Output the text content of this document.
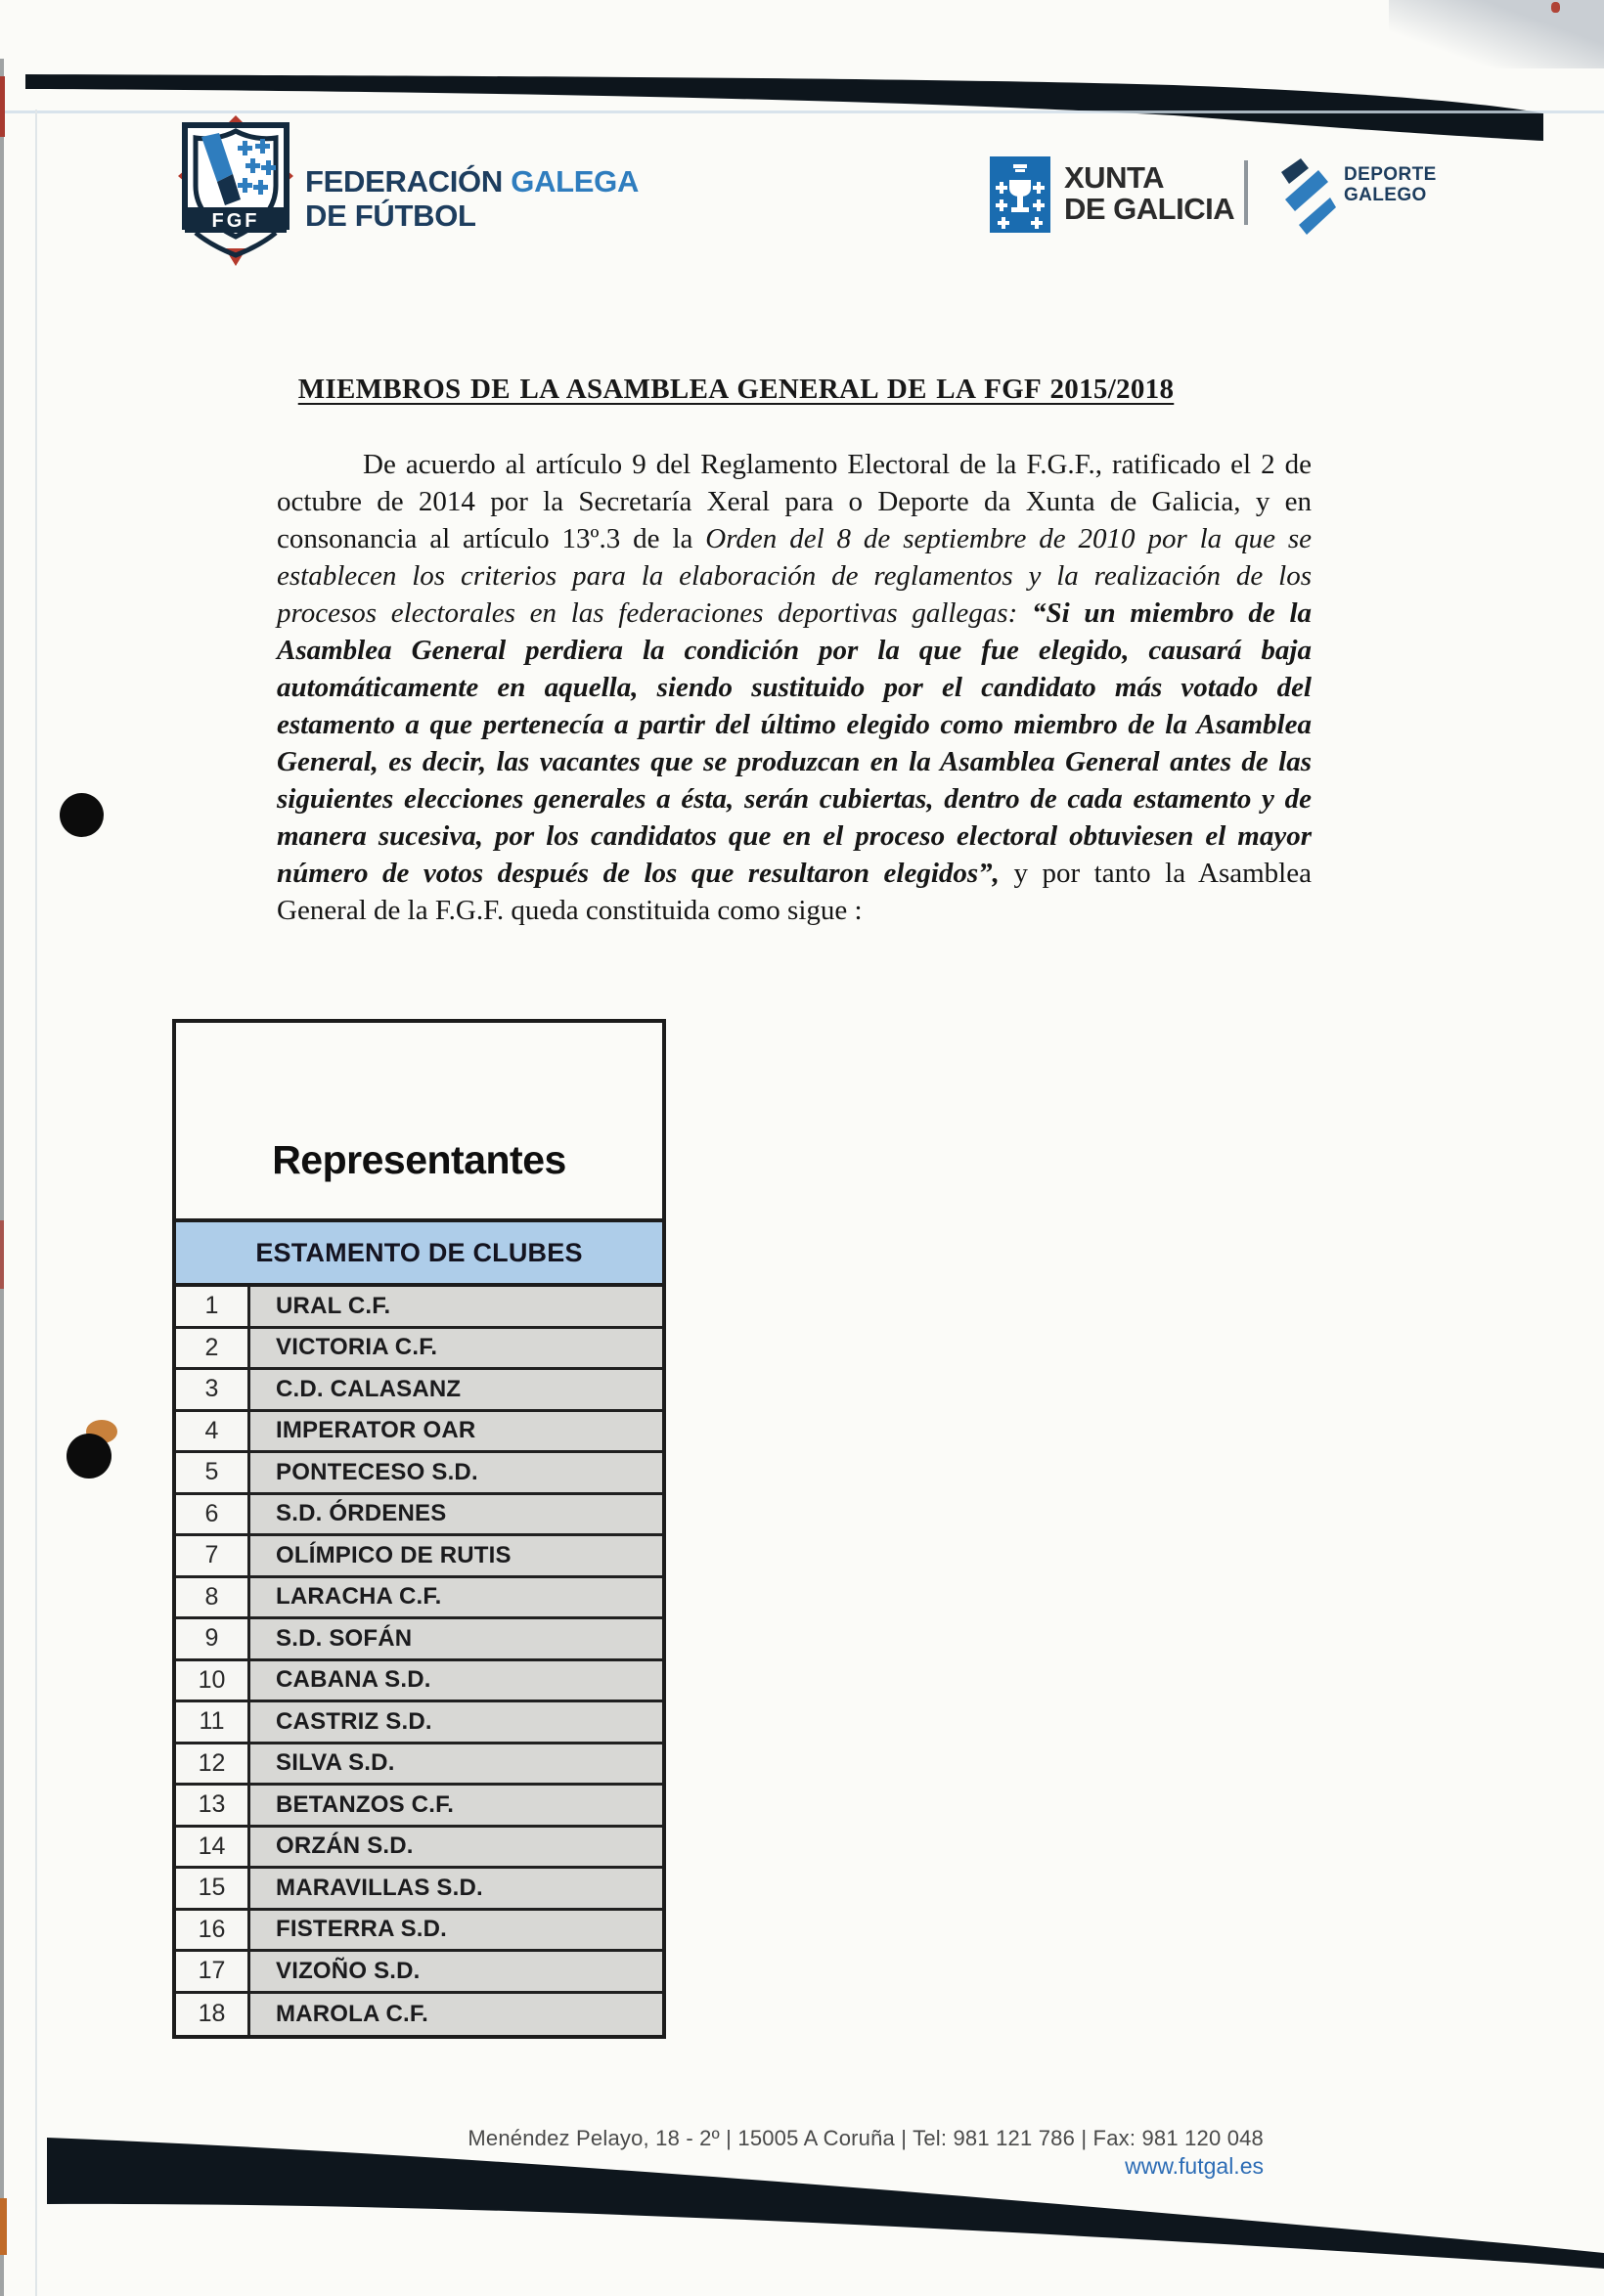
FGF
FEDERACIÓN GALEGA
DE FÚTBOL
XUNTA
DE GALICIA
DEPORTE
GALEGO
MIEMBROS DE LA ASAMBLEA GENERAL DE LA FGF 2015/2018

De acuerdo al artículo 9 del Reglamento Electoral de la F.G.F., ratificado el 2 de octubre de 2014 por la Secretaría Xeral para o Deporte da Xunta de Galicia, y en consonancia al artículo 13º.3 de la Orden del 8 de septiembre de 2010 por la que se establecen los criterios para la elaboración de reglamentos y la realización de los procesos electorales en las federaciones deportivas gallegas: “Si un miembro de la Asamblea General perdiera la condición por la que fue elegido, causará baja automáticamente en aquella, siendo sustituido por el candidato más votado del estamento a que pertenecía a partir del último elegido como miembro de la Asamblea General, es decir, las vacantes que se produzcan en la Asamblea General antes de las siguientes elecciones generales a ésta, serán cubiertas, dentro de cada estamento y de manera sucesiva, por los candidatos que en el proceso electoral obtuviesen el mayor número de votos después de los que resultaron elegidos”, y por tanto la Asamblea General de la F.G.F. queda constituida como sigue :

Representantes
ESTAMENTO DE CLUBES
1	URAL C.F.
2	VICTORIA C.F.
3	C.D. CALASANZ
4	IMPERATOR OAR
5	PONTECESO S.D.
6	S.D. ÓRDENES
7	OLÍMPICO DE RUTIS
8	LARACHA C.F.
9	S.D. SOFÁN
10	CABANA S.D.
11	CASTRIZ S.D.
12	SILVA S.D.
13	BETANZOS C.F.
14	ORZÁN S.D.
15	MARAVILLAS S.D.
16	FISTERRA S.D.
17	VIZOÑO S.D.
18	MAROLA C.F.
Menéndez Pelayo, 18 - 2º | 15005 A Coruña | Tel: 981 121 786 | Fax: 981 120 048
www.futgal.es
